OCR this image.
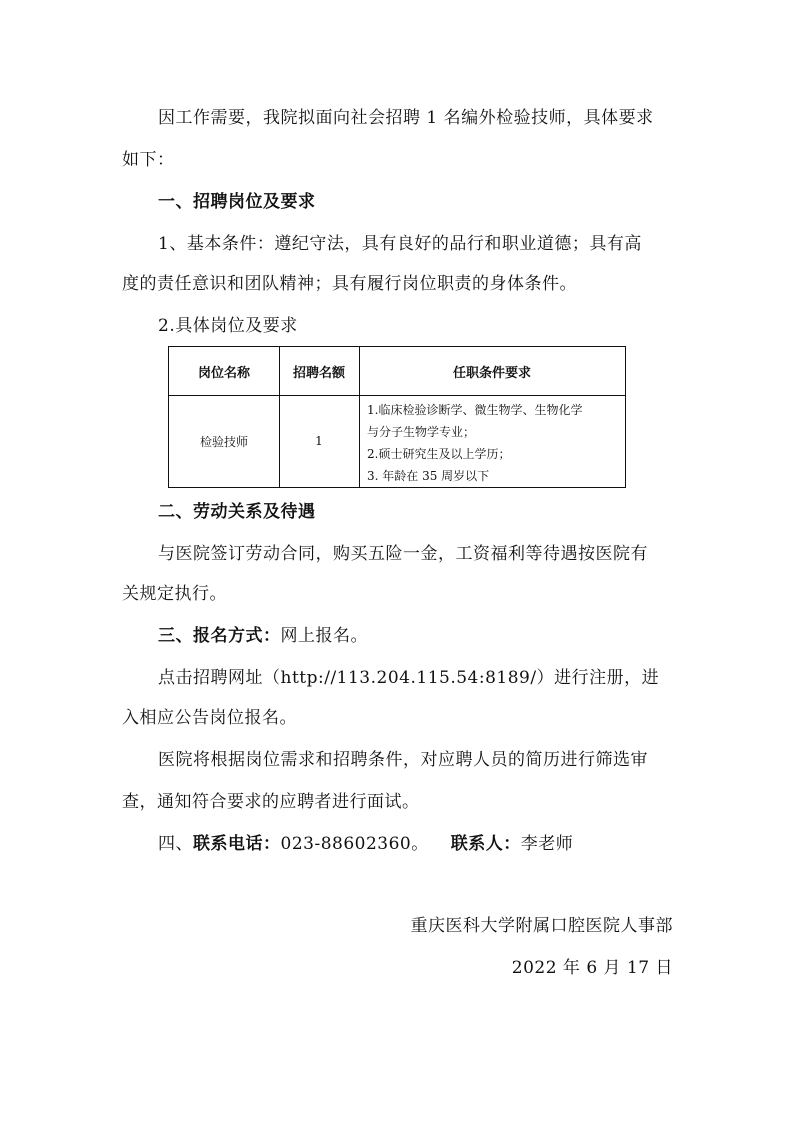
因工作需要，我院拟面向社会招聘 1 名编外检验技师，具体要求
如下：
一、招聘岗位及要求
1、基本条件：遵纪守法，具有良好的品行和职业道德；具有高
度的责任意识和团队精神；具有履行岗位职责的身体条件。
2.具体岗位及要求
岗位名称	招聘名额	任职条件要求
检验技师	1
1.临床检验诊断学、微生物学、生物化学
与分子生物学专业；
2.硕士研究生及以上学历；
3. 年龄在 35 周岁以下
二、劳动关系及待遇
与医院签订劳动合同，购买五险一金，工资福利等待遇按医院有
关规定执行。
三、报名方式：网上报名。
点击招聘网址（http://113.204.115.54:8189/）进行注册，进
入相应公告岗位报名。
医院将根据岗位需求和招聘条件，对应聘人员的简历进行筛选审
查，通知符合要求的应聘者进行面试。
四、联系电话：023-88602360。 联系人：李老师
重庆医科大学附属口腔医院人事部
2022 年 6 月 17 日
